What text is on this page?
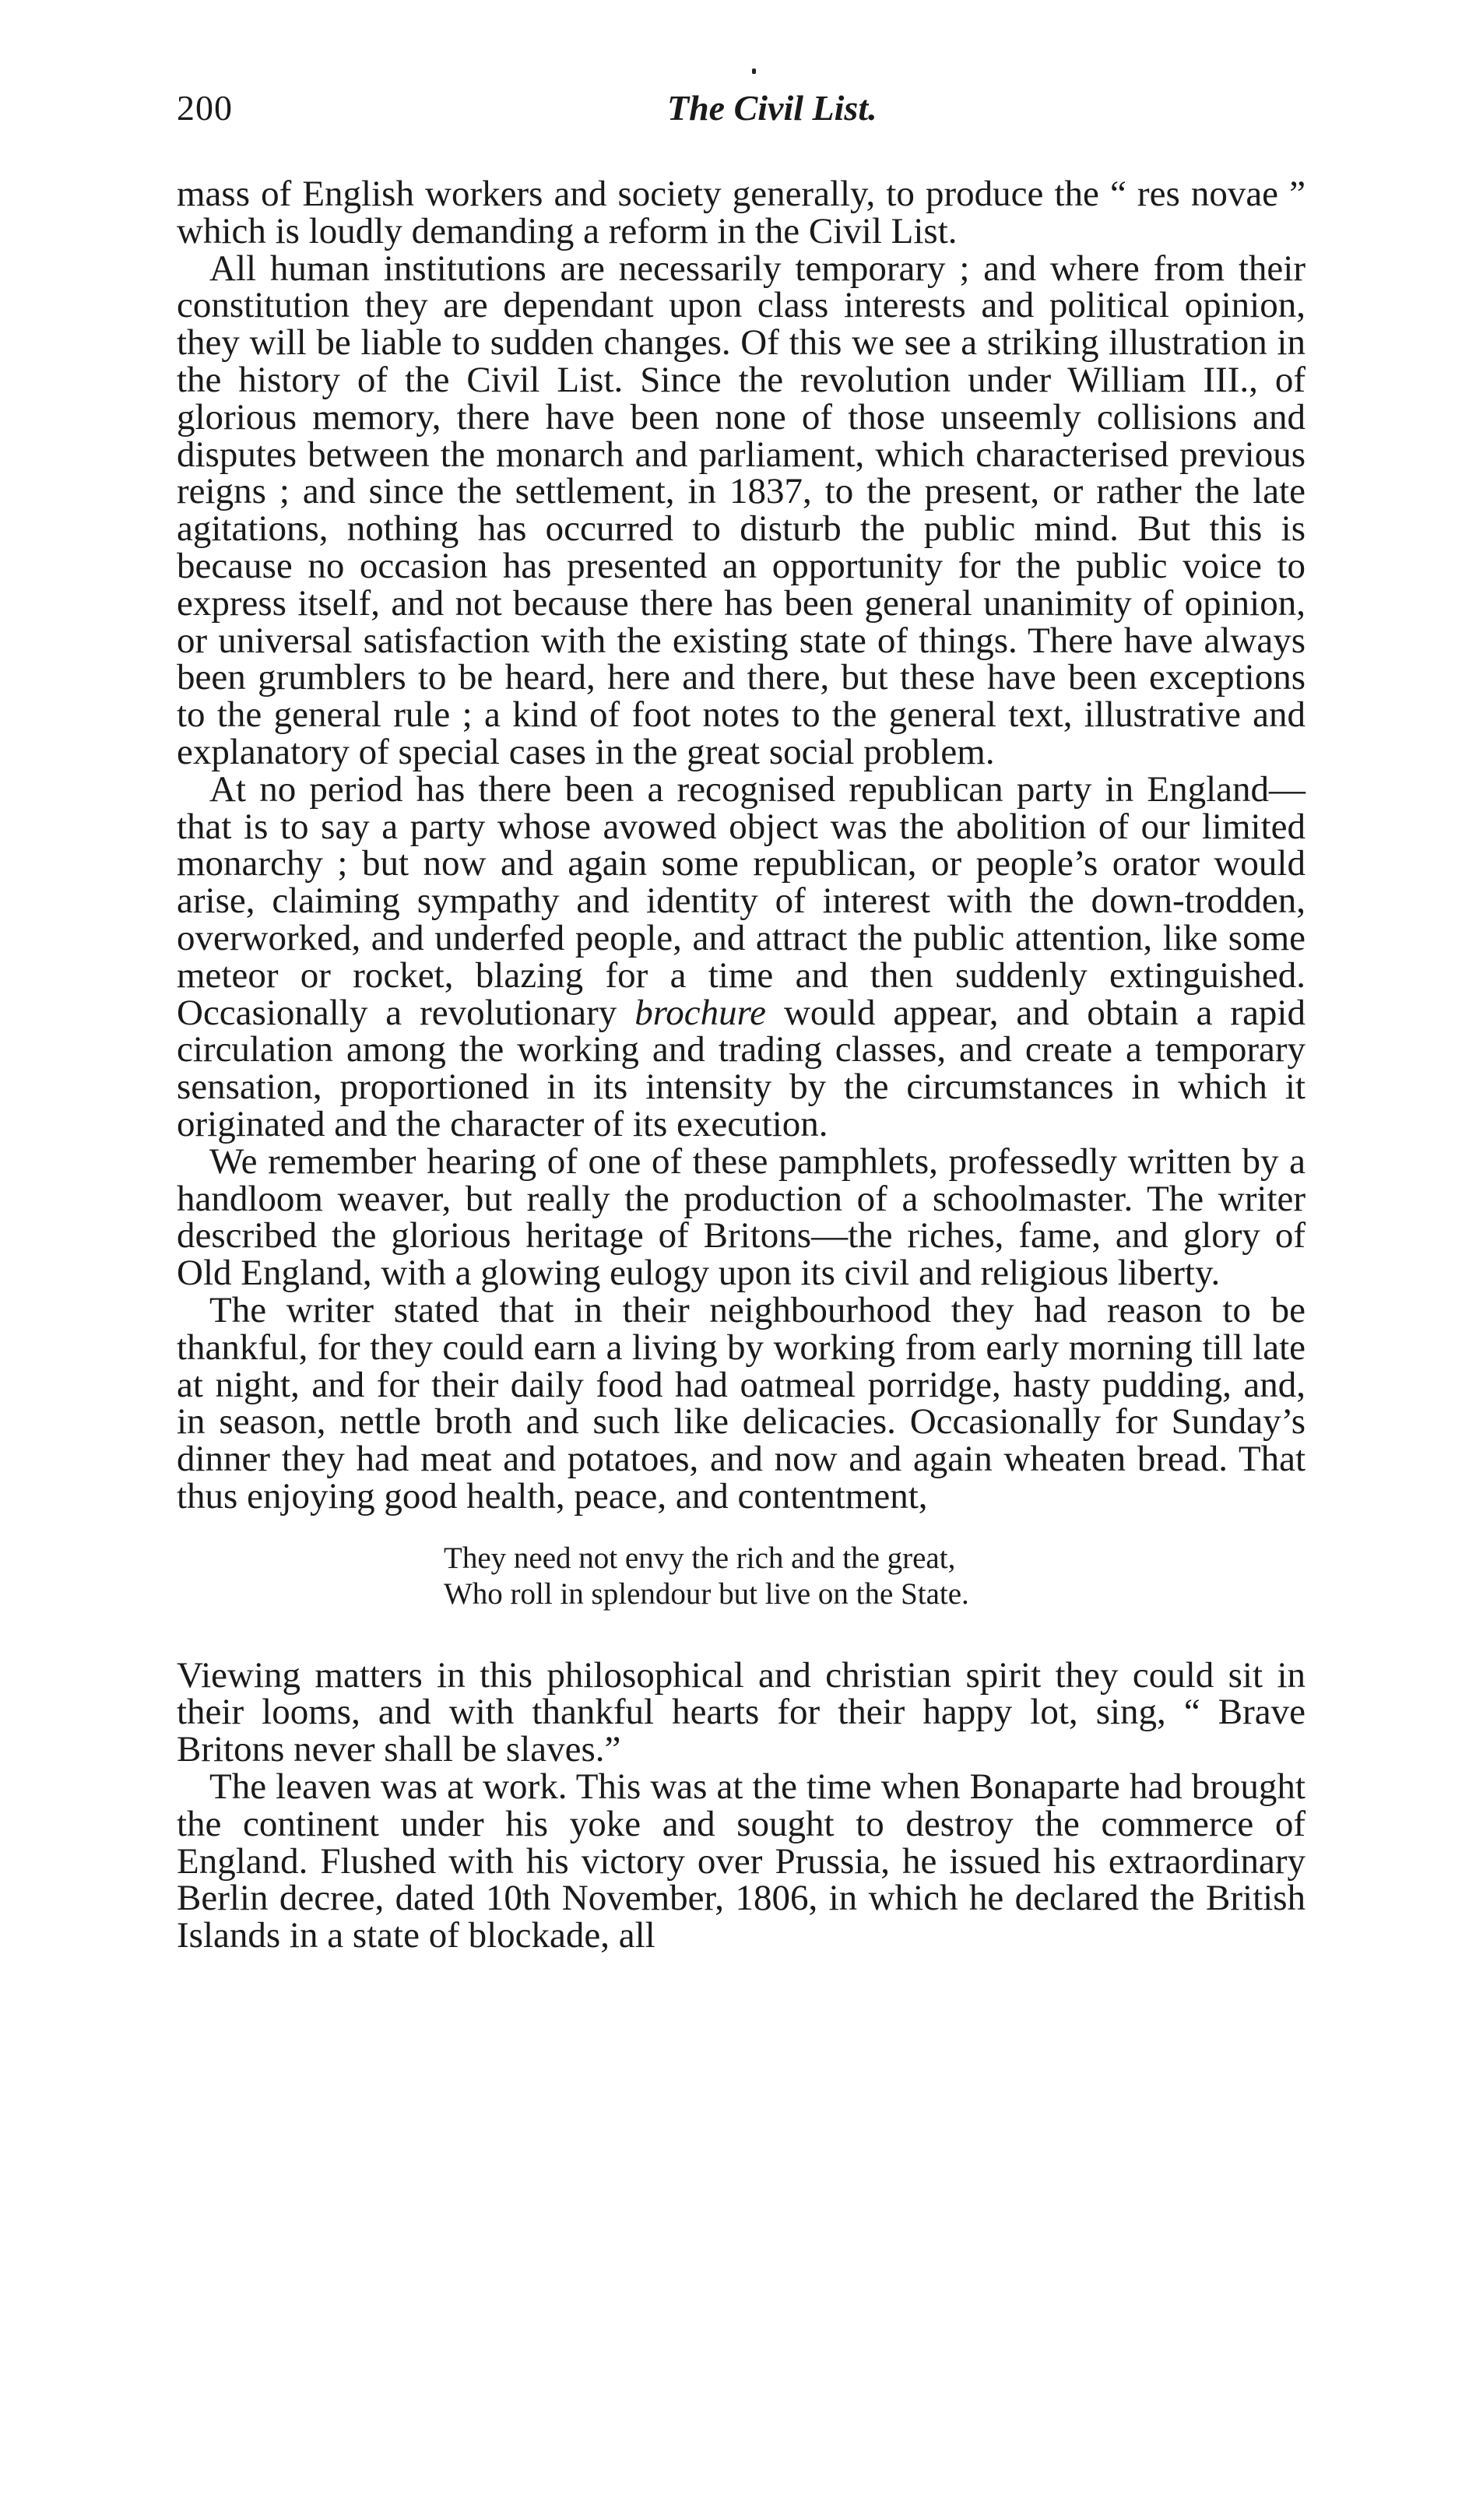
200	The Civil List.

mass of English workers and society generally, to produce the “ res novae ” which is loudly demanding a reform in the Civil List.

All human institutions are necessarily temporary ; and where from their constitution they are dependant upon class interests and political opinion, they will be liable to sudden changes. Of this we see a striking illustration in the history of the Civil List. Since the revolution under William III., of glorious memory, there have been none of those unseemly collisions and disputes between the monarch and parliament, which characterised previous reigns ; and since the settlement, in 1837, to the present, or rather the late agitations, nothing has occurred to disturb the public mind. But this is because no occasion has presented an opportunity for the public voice to express itself, and not because there has been general unanimity of opinion, or universal satisfaction with the existing state of things. There have always been grumblers to be heard, here and there, but these have been exceptions to the general rule ; a kind of foot notes to the general text, illustrative and explanatory of special cases in the great social problem.

At no period has there been a recognised republican party in England—that is to say a party whose avowed object was the abolition of our limited monarchy ; but now and again some republican, or people’s orator would arise, claiming sympathy and identity of interest with the down-trodden, overworked, and underfed people, and attract the public attention, like some meteor or rocket, blazing for a time and then suddenly extinguished. Occasionally a revolutionary brochure would appear, and obtain a rapid circulation among the working and trading classes, and create a temporary sensation, proportioned in its intensity by the circumstances in which it originated and the character of its execution.

We remember hearing of one of these pamphlets, professedly written by a handloom weaver, but really the production of a schoolmaster. The writer described the glorious heritage of Britons—the riches, fame, and glory of Old England, with a glowing eulogy upon its civil and religious liberty.

The writer stated that in their neighbourhood they had reason to be thankful, for they could earn a living by working from early morning till late at night, and for their daily food had oatmeal porridge, hasty pudding, and, in season, nettle broth and such like delicacies. Occasionally for Sunday’s dinner they had meat and potatoes, and now and again wheaten bread. That thus enjoying good health, peace, and contentment,

They need not envy the rich and the great,
Who roll in splendour but live on the State.

Viewing matters in this philosophical and christian spirit they could sit in their looms, and with thankful hearts for their happy lot, sing, “ Brave Britons never shall be slaves.”

The leaven was at work. This was at the time when Bonaparte had brought the continent under his yoke and sought to destroy the commerce of England. Flushed with his victory over Prussia, he issued his extraordinary Berlin decree, dated 10th November, 1806, in which he declared the British Islands in a state of blockade, all
